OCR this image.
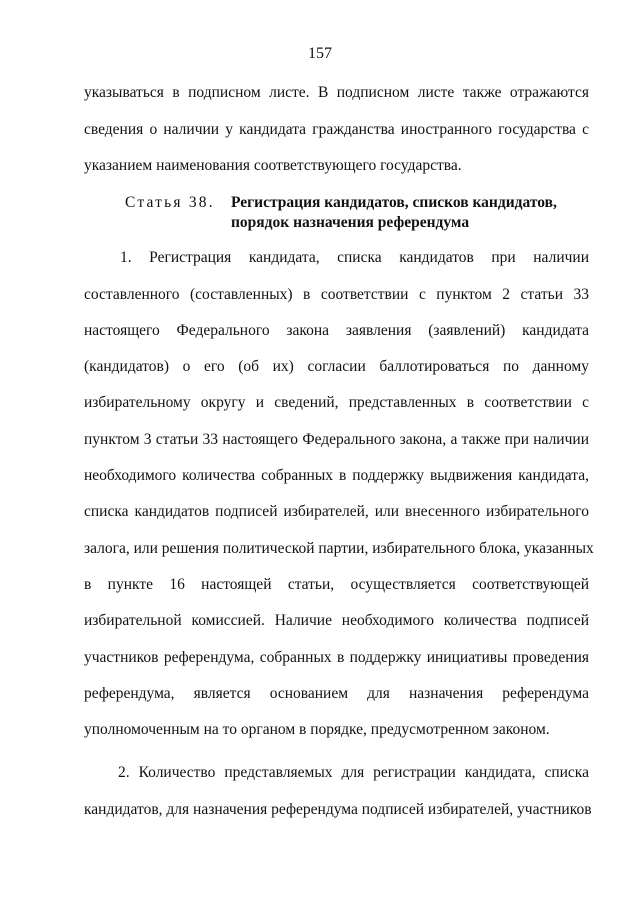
157
указываться в подписном листе. В подписном листе также отражаются
сведения о наличии у кандидата гражданства иностранного государства с
указанием наименования соответствующего государства.
Статья 38. Регистрация кандидатов, списков кандидатов,
порядок назначения референдума
1. Регистрация кандидата, списка кандидатов при наличии
составленного (составленных) в соответствии с пунктом 2 статьи 33
настоящего Федерального закона заявления (заявлений) кандидата
(кандидатов) о его (об их) согласии баллотироваться по данному
избирательному округу и сведений, представленных в соответствии с
пунктом 3 статьи 33 настоящего Федерального закона, а также при наличии
необходимого количества собранных в поддержку выдвижения кандидата,
списка кандидатов подписей избирателей, или внесенного избирательного
залога, или решения политической партии, избирательного блока, указанных
в пункте 16 настоящей статьи, осуществляется соответствующей
избирательной комиссией. Наличие необходимого количества подписей
участников референдума, собранных в поддержку инициативы проведения
референдума, является основанием для назначения референдума
уполномоченным на то органом в порядке, предусмотренном законом.
2. Количество представляемых для регистрации кандидата, списка
кандидатов, для назначения референдума подписей избирателей, участников
